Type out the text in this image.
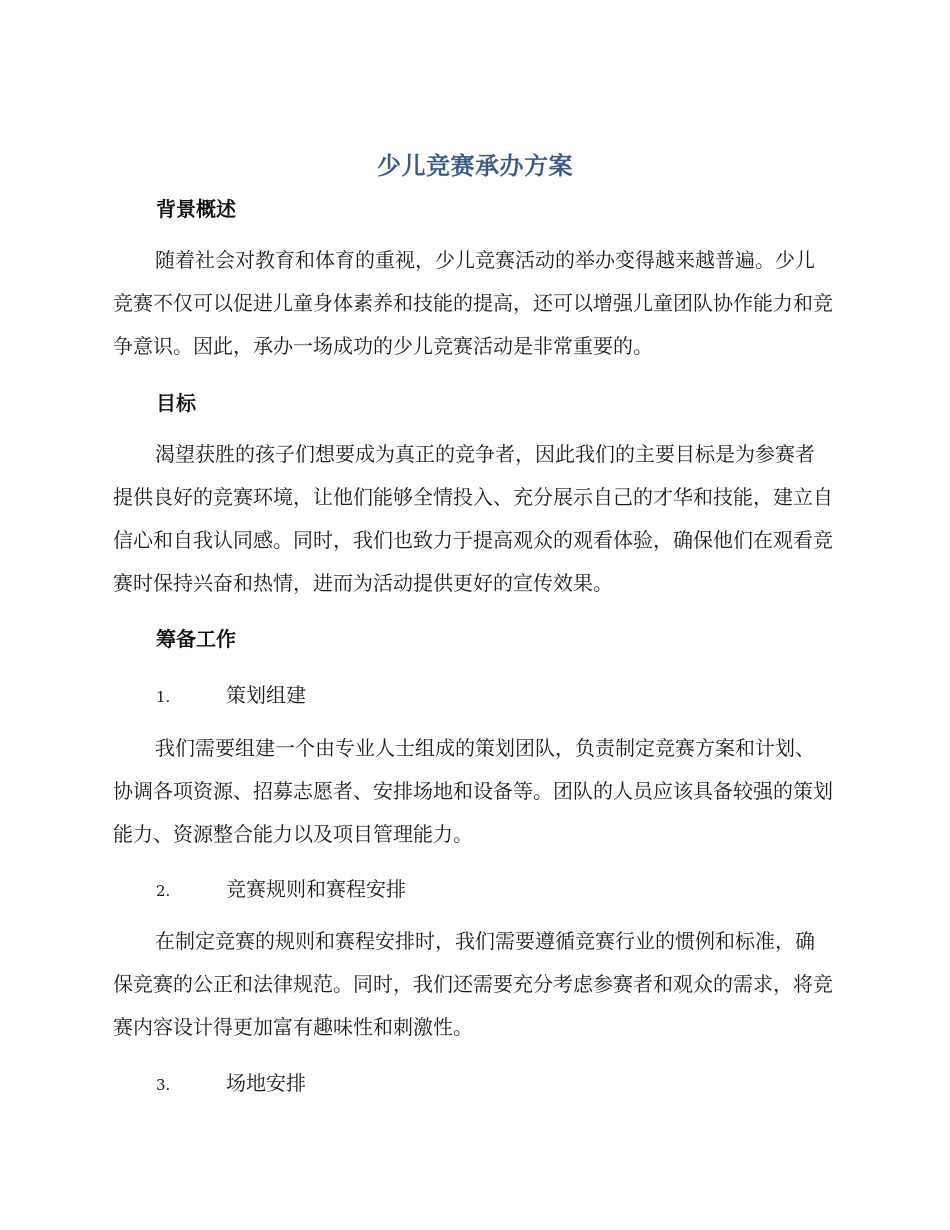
少儿竞赛承办方案
背景概述

随着社会对教育和体育的重视，少儿竞赛活动的举办变得越来越普遍。少儿竞赛不仅可以促进儿童身体素养和技能的提高，还可以增强儿童团队协作能力和竞争意识。因此，承办一场成功的少儿竞赛活动是非常重要的。

目标

渴望获胜的孩子们想要成为真正的竞争者，因此我们的主要目标是为参赛者提供良好的竞赛环境，让他们能够全情投入、充分展示自己的才华和技能，建立自信心和自我认同感。同时，我们也致力于提高观众的观看体验，确保他们在观看竞赛时保持兴奋和热情，进而为活动提供更好的宣传效果。

筹备工作
1.	策划组建

我们需要组建一个由专业人士组成的策划团队，负责制定竞赛方案和计划、协调各项资源、招募志愿者、安排场地和设备等。团队的人员应该具备较强的策划能力、资源整合能力以及项目管理能力。

2.	竞赛规则和赛程安排

在制定竞赛的规则和赛程安排时，我们需要遵循竞赛行业的惯例和标准，确保竞赛的公正和法律规范。同时，我们还需要充分考虑参赛者和观众的需求，将竞赛内容设计得更加富有趣味性和刺激性。

3.	场地安排
